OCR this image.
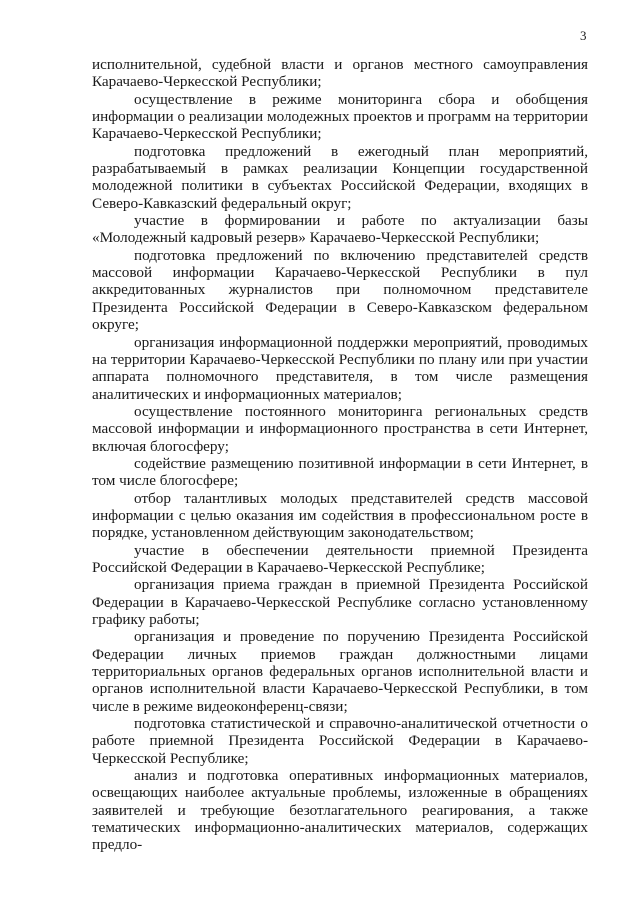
3

исполнительной, судебной власти и органов местного самоуправления Карачаево-Черкесской Республики;

осуществление в режиме мониторинга сбора и обобщения информации о реализации молодежных проектов и программ на территории Карачаево-Черкесской Республики;

подготовка предложений в ежегодный план мероприятий, разрабатываемый в рамках реализации Концепции государственной молодежной политики в субъектах Российской Федерации, входящих в Северо-Кавказский федеральный округ;

участие в формировании и работе по актуализации базы «Молодежный кадровый резерв» Карачаево-Черкесской Республики;

подготовка предложений по включению представителей средств массовой информации Карачаево-Черкесской Республики в пул аккредитованных журналистов при полномочном представителе Президента Российской Федерации в Северо-Кавказском федеральном округе;

организация информационной поддержки мероприятий, проводимых на территории Карачаево-Черкесской Республики по плану или при участии аппарата полномочного представителя, в том числе размещения аналитических и информационных материалов;

осуществление постоянного мониторинга региональных средств массовой информации и информационного пространства в сети Интернет, включая блогосферу;

содействие размещению позитивной информации в сети Интернет, в том числе блогосфере;

отбор талантливых молодых представителей средств массовой информации с целью оказания им содействия в профессиональном росте в порядке, установленном действующим законодательством;

участие в обеспечении деятельности приемной Президента Российской Федерации в Карачаево-Черкесской Республике;

организация приема граждан в приемной Президента Российской Федерации в Карачаево-Черкесской Республике согласно установленному графику работы;

организация и проведение по поручению Президента Российской Федерации личных приемов граждан должностными лицами территориальных органов федеральных органов исполнительной власти и органов исполнительной власти Карачаево-Черкесской Республики, в том числе в режиме видеоконференц-связи;

подготовка статистической и справочно-аналитической отчетности о работе приемной Президента Российской Федерации в Карачаево-Черкесской Республике;

анализ и подготовка оперативных информационных материалов, освещающих наиболее актуальные проблемы, изложенные в обращениях заявителей и требующие безотлагательного реагирования, а также тематических информационно-аналитических материалов, содержащих предло-
